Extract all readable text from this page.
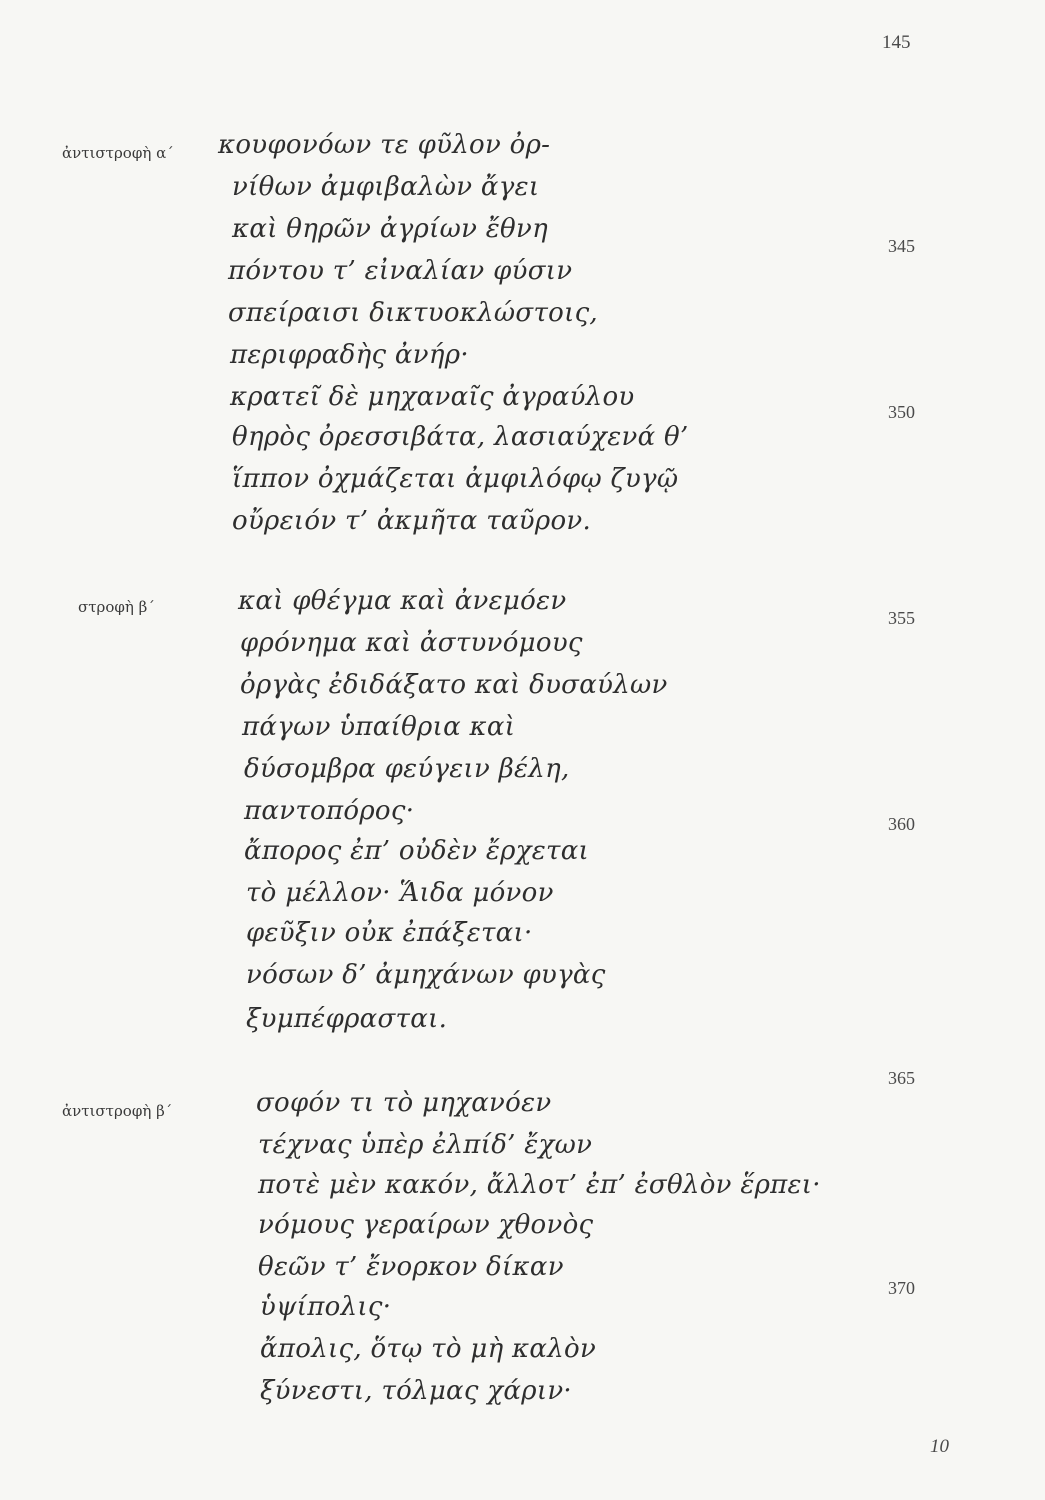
145
ἀντιστροφὴ α΄ κουφονόων τε φῦλον ὀρ-
νίθων ἀμφιβαλὼν ἄγει
καὶ θηρῶν ἀγρίων ἔθνη
πόντου τ’ εἰναλίαν φύσιν
σπείραισι δικτυοκλώστοις,
περιφραδὴς ἀνήρ·
κρατεῖ δὲ μηχαναῖς ἀγραύλου
θηρὸς ὀρεσσιβάτα, λασιαύχενά θ’
ἵππον ὀχμάζεται ἀμφιλόφῳ ζυγῷ
οὔρειόν τ’ ἀκμῆτα ταῦρον.
στροφὴ β΄	καὶ φθέγμα καὶ ἀνεμόεν
φρόνημα καὶ ἀστυνόμους
ὀργὰς ἐδιδάξατο καὶ δυσαύλων
πάγων ὑπαίθρια καὶ
δύσομβρα φεύγειν βέλη,
παντοπόρος·
ἄπορος ἐπ’ οὐδὲν ἔρχεται
τὸ μέλλον· Ἅιδα μόνον
φεῦξιν οὐκ ἐπάξεται·
νόσων δ’ ἀμηχάνων φυγὰς
ξυμπέφρασται.
ἀντιστροφὴ β΄	σοφόν τι τὸ μηχανόεν
τέχνας ὑπὲρ ἐλπίδ’ ἔχων
ποτὲ μὲν κακόν, ἄλλοτ’ ἐπ’ ἐσθλὸν ἕρπει·
νόμους γεραίρων χθονὸς
θεῶν τ’ ἔνορκον δίκαν
ὑψίπολις·
ἄπολις, ὅτῳ τὸ μὴ καλὸν
ξύνεστι, τόλμας χάριν·
345
350
355
360
365
370
10
